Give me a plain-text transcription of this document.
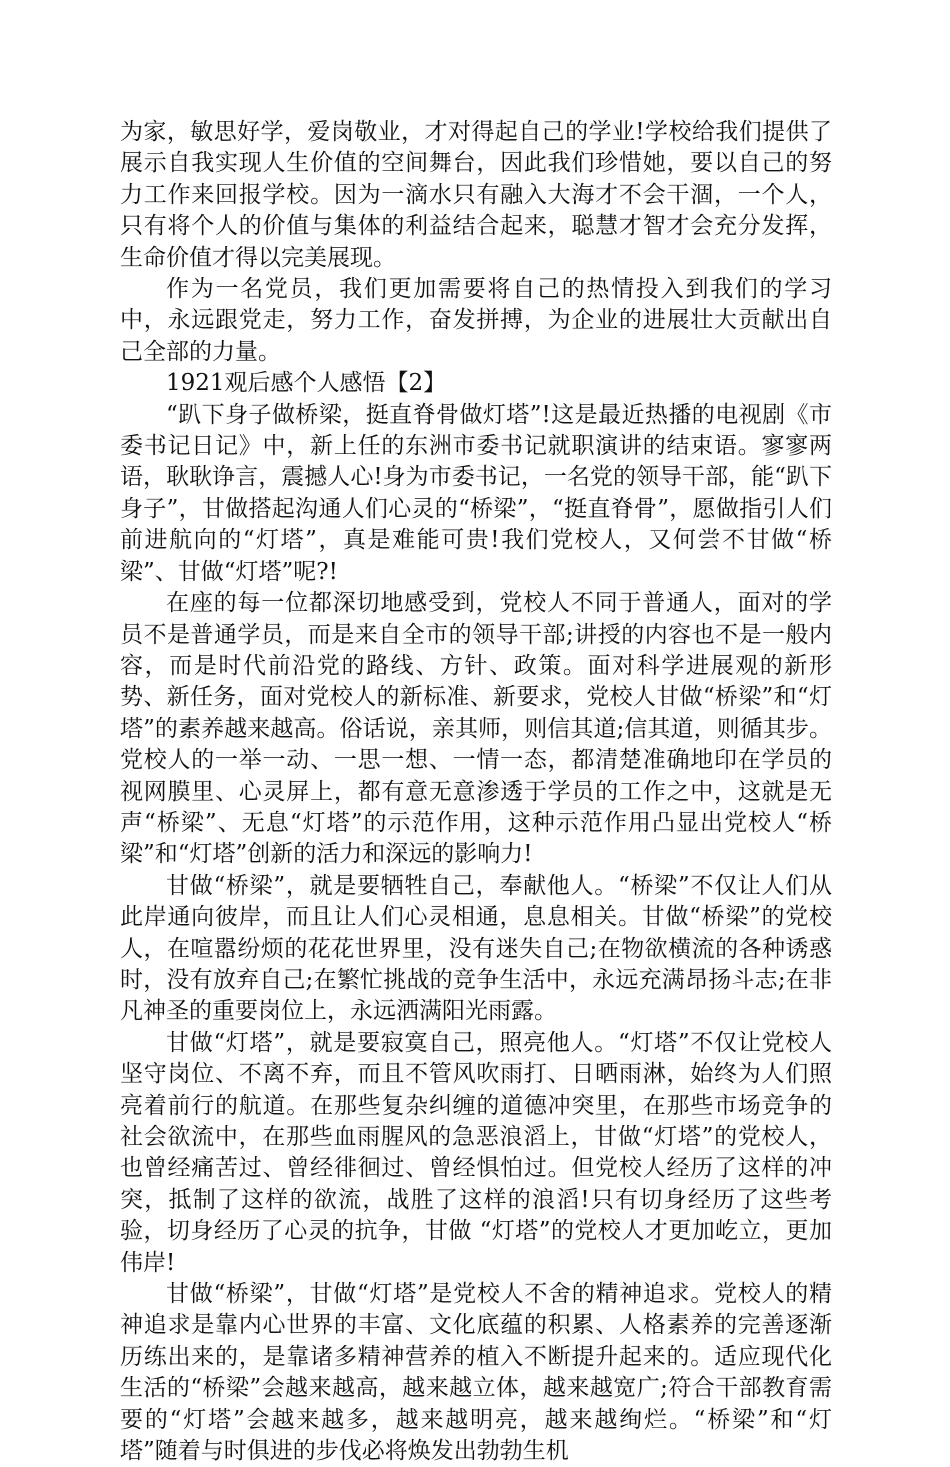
为家，敏思好学，爱岗敬业，才对得起自己的学业!学校给我们提供了展示自我实现人生价值的空间舞台，因此我们珍惜她，要以自己的努力工作来回报学校。因为一滴水只有融入大海才不会干涸，一个人，只有将个人的价值与集体的利益结合起来，聪慧才智才会充分发挥，生命价值才得以完美展现。

作为一名党员，我们更加需要将自己的热情投入到我们的学习中，永远跟党走，努力工作，奋发拼搏，为企业的进展壮大贡献出自己全部的力量。

1921观后感个人感悟【2】

“趴下身子做桥梁，挺直脊骨做灯塔”!这是最近热播的电视剧《市委书记日记》中，新上任的东洲市委书记就职演讲的结束语。寥寥两语，耿耿诤言，震撼人心!身为市委书记，一名党的领导干部，能“趴下身子”，甘做搭起沟通人们心灵的“桥梁”，“挺直脊骨”，愿做指引人们前进航向的“灯塔”，真是难能可贵!我们党校人，又何尝不甘做“桥梁”、甘做“灯塔”呢?!

在座的每一位都深切地感受到，党校人不同于普通人，面对的学员不是普通学员，而是来自全市的领导干部;讲授的内容也不是一般内容，而是时代前沿党的路线、方针、政策。面对科学进展观的新形势、新任务，面对党校人的新标准、新要求，党校人甘做“桥梁”和“灯塔”的素养越来越高。俗话说，亲其师，则信其道;信其道，则循其步。党校人的一举一动、一思一想、一情一态，都清楚准确地印在学员的视网膜里、心灵屏上，都有意无意渗透于学员的工作之中，这就是无声“桥梁”、无息“灯塔”的示范作用，这种示范作用凸显出党校人“桥梁”和“灯塔”创新的活力和深远的影响力!

甘做“桥梁”，就是要牺牲自己，奉献他人。“桥梁”不仅让人们从此岸通向彼岸，而且让人们心灵相通，息息相关。甘做“桥梁”的党校人，在喧嚣纷烦的花花世界里，没有迷失自己;在物欲横流的各种诱惑时，没有放弃自己;在繁忙挑战的竞争生活中，永远充满昂扬斗志;在非凡神圣的重要岗位上，永远洒满阳光雨露。

甘做“灯塔”，就是要寂寞自己，照亮他人。“灯塔”不仅让党校人坚守岗位、不离不弃，而且不管风吹雨打、日晒雨淋，始终为人们照亮着前行的航道。在那些复杂纠缠的道德冲突里，在那些市场竞争的社会欲流中，在那些血雨腥风的急恶浪滔上，甘做“灯塔”的党校人，也曾经痛苦过、曾经徘徊过、曾经惧怕过。但党校人经历了这样的冲突，抵制了这样的欲流，战胜了这样的浪滔!只有切身经历了这些考验，切身经历了心灵的抗争，甘做 “灯塔”的党校人才更加屹立，更加伟岸!

甘做“桥梁”，甘做“灯塔”是党校人不舍的精神追求。党校人的精神追求是靠内心世界的丰富、文化底蕴的积累、人格素养的完善逐渐历练出来的，是靠诸多精神营养的植入不断提升起来的。适应现代化生活的“桥梁”会越来越高，越来越立体，越来越宽广;符合干部教育需要的“灯塔”会越来越多，越来越明亮，越来越绚烂。“桥梁”和“灯塔”随着与时俱进的步伐必将焕发出勃勃生机
